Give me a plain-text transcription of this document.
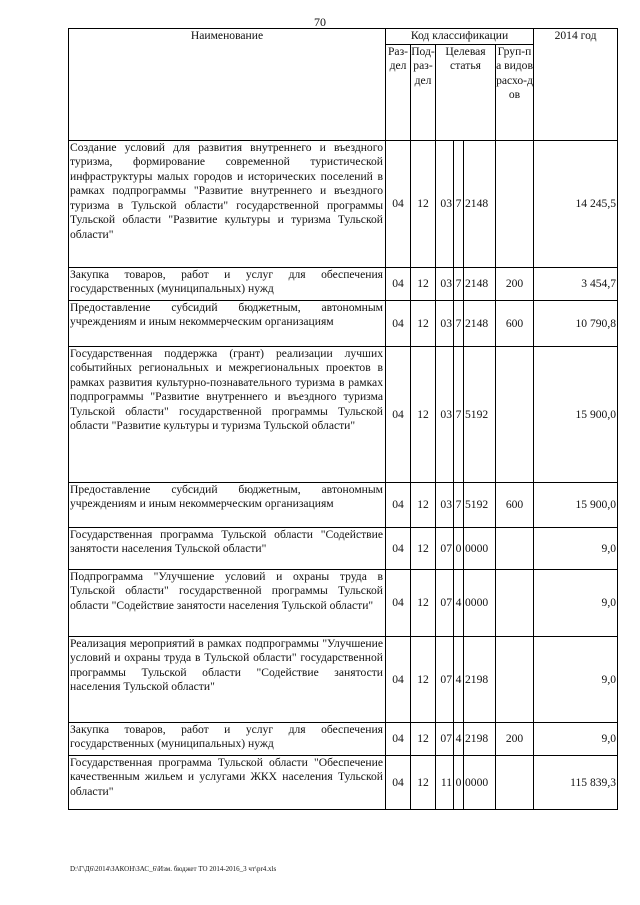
70
Наименование	Код классификации						2014 год
	Раз-дел	Под-раз-дел	Целевая статья			Груп-па видов расхо-дов	
Создание условий для развития внутреннего и въездного туризма, формирование современной туристической инфраструктуры малых городов и исторических поселений в рамках подпрограммы "Развитие внутреннего и въездного туризма в Тульской области" государственной программы Тульской области "Развитие культуры и туризма Тульской области"	04	12	03	7	2148		14 245,5
Закупка товаров, работ и услуг для обеспечения государственных (муниципальных) нужд	04	12	03	7	2148	200	3 454,7
Предоставление субсидий бюджетным, автономным учреждениям и иным некоммерческим организациям	04	12	03	7	2148	600	10 790,8
Государственная поддержка (грант) реализации лучших событийных региональных и межрегиональных проектов в рамках развития культурно-познавательного туризма в рамках подпрограммы "Развитие внутреннего и въездного туризма Тульской области" государственной программы Тульской области "Развитие культуры и туризма Тульской области"	04	12	03	7	5192		15 900,0
Предоставление субсидий бюджетным, автономным учреждениям и иным некоммерческим организациям	04	12	03	7	5192	600	15 900,0
Государственная программа Тульской области "Содействие занятости населения Тульской области"	04	12	07	0	0000		9,0
Подпрограмма "Улучшение условий и охраны труда в Тульской области" государственной программы Тульской области "Содействие занятости населения Тульской области"	04	12	07	4	0000		9,0
Реализация мероприятий в рамках подпрограммы "Улучшение условий и охраны труда в Тульской области" государственной программы Тульской области "Содействие занятости населения Тульской области"	04	12	07	4	2198		9,0
Закупка товаров, работ и услуг для обеспечения государственных (муниципальных) нужд	04	12	07	4	2198	200	9,0
Государственная программа Тульской области "Обеспечение качественным жильем и услугами ЖКХ населения Тульской области"	04	12	11	0	0000		115 839,3
D:\Г\Д6\2014\ЗАКОН\ЗАС_6\Изм. бюджет ТО 2014-2016_3 чт\pr4.xls
